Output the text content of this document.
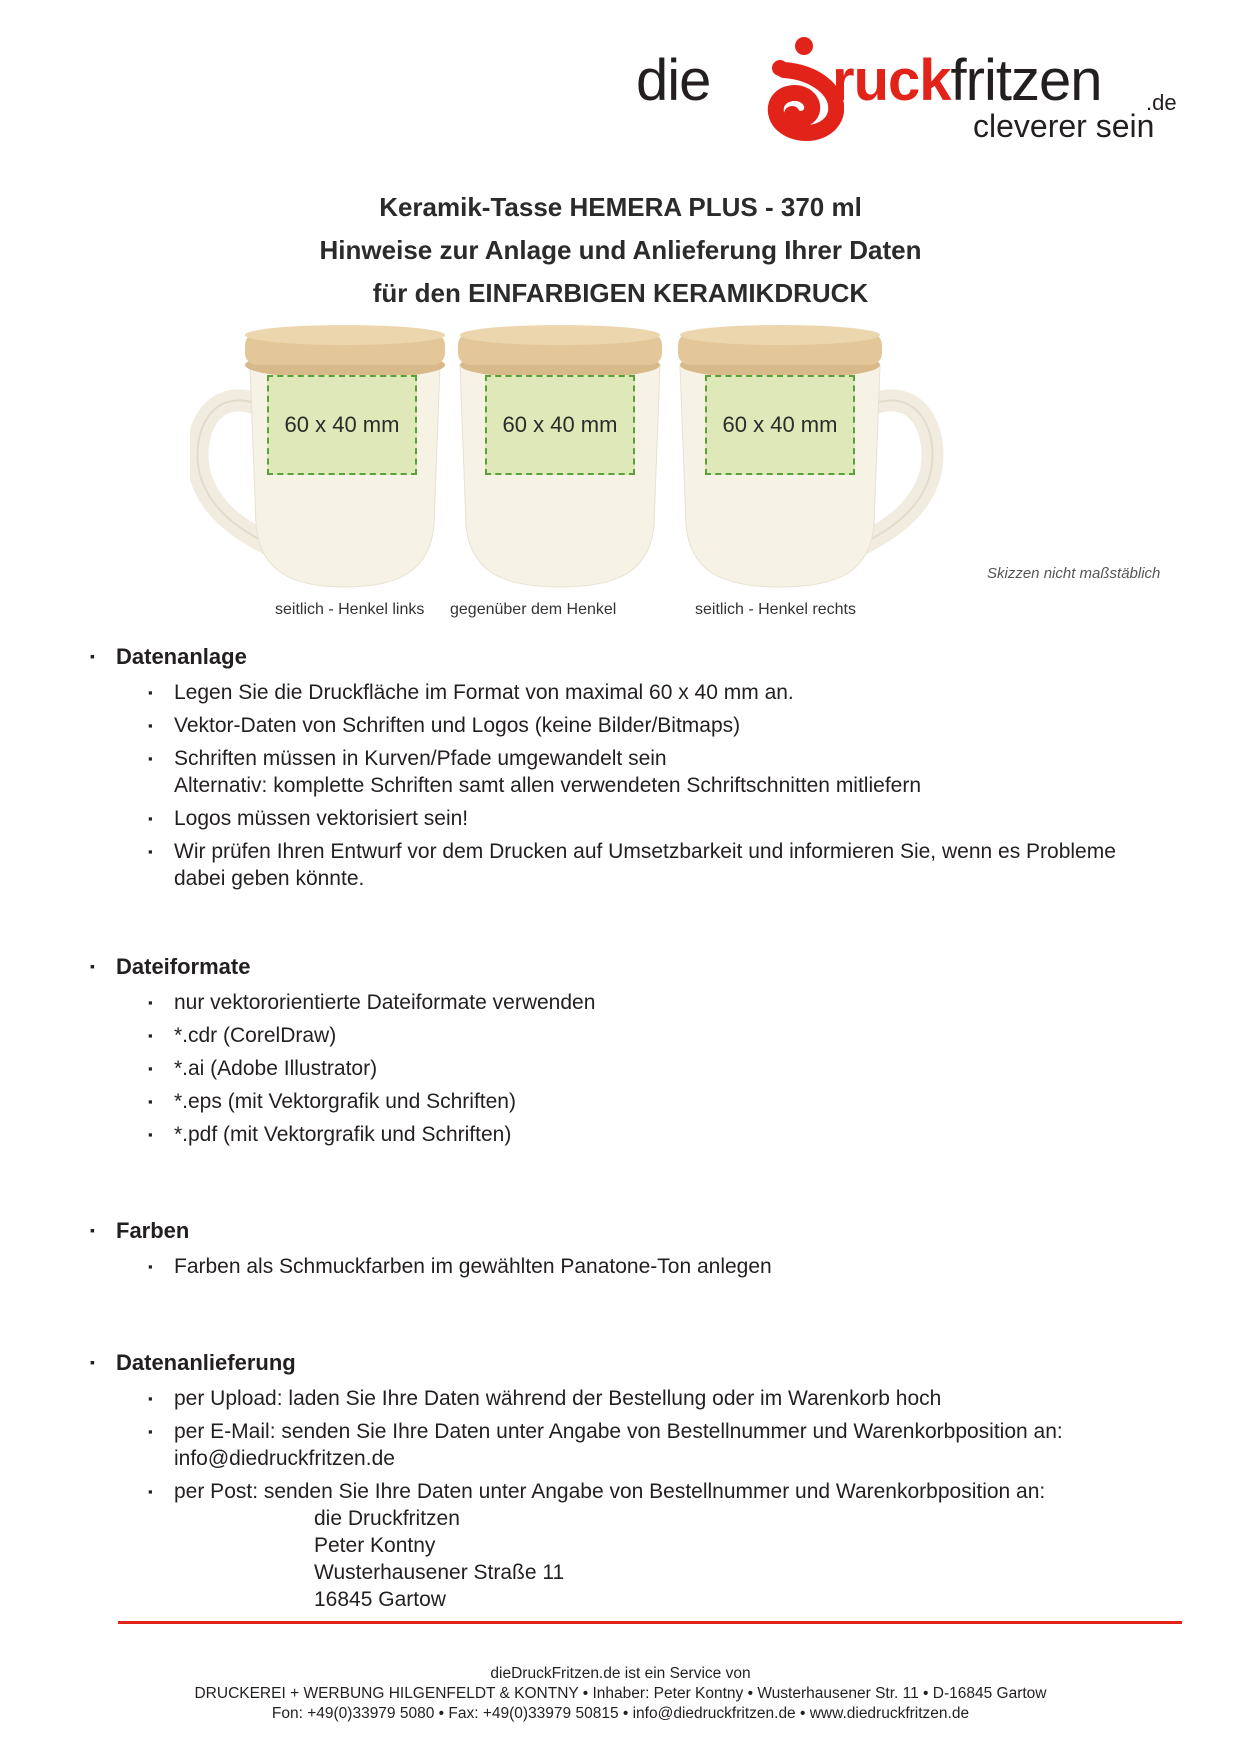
die ruckfritzen .de
cleverer sein
Keramik-Tasse HEMERA PLUS - 370 ml
Hinweise zur Anlage und Anlieferung Ihrer Daten
für den EINFARBIGEN KERAMIKDRUCK
60 x 40 mm
seitlich - Henkel links
60 x 40 mm
gegenüber dem Henkel
60 x 40 mm
seitlich - Henkel rechts
Skizzen nicht maßstäblich
▪ Datenanlage
▪ Legen Sie die Druckfläche im Format von maximal 60 x 40 mm an.
▪ Vektor-Daten von Schriften und Logos (keine Bilder/Bitmaps)
▪ Schriften müssen in Kurven/Pfade umgewandelt sein
Alternativ: komplette Schriften samt allen verwendeten Schriftschnitten mitliefern
▪ Logos müssen vektorisiert sein!
▪ Wir prüfen Ihren Entwurf vor dem Drucken auf Umsetzbarkeit und informieren Sie, wenn es Probleme dabei geben könnte.
▪ Dateiformate
▪ nur vektororientierte Dateiformate verwenden
▪ *.cdr (CorelDraw)
▪ *.ai (Adobe Illustrator)
▪ *.eps (mit Vektorgrafik und Schriften)
▪ *.pdf (mit Vektorgrafik und Schriften)
▪ Farben
▪ Farben als Schmuckfarben im gewählten Panatone-Ton anlegen
▪ Datenanlieferung
▪ per Upload: laden Sie Ihre Daten während der Bestellung oder im Warenkorb hoch
▪ per E-Mail: senden Sie Ihre Daten unter Angabe von Bestellnummer und Warenkorbposition an:
info@diedruckfritzen.de
▪ per Post: senden Sie Ihre Daten unter Angabe von Bestellnummer und Warenkorbposition an:
die Druckfritzen
Peter Kontny
Wusterhausener Straße 11
16845 Gartow
dieDruckFritzen.de ist ein Service von
DRUCKEREI + WERBUNG HILGENFELDT & KONTNY • Inhaber: Peter Kontny • Wusterhausener Str. 11 • D-16845 Gartow
Fon: +49(0)33979 5080 • Fax: +49(0)33979 50815 • info@diedruckfritzen.de • www.diedruckfritzen.de
